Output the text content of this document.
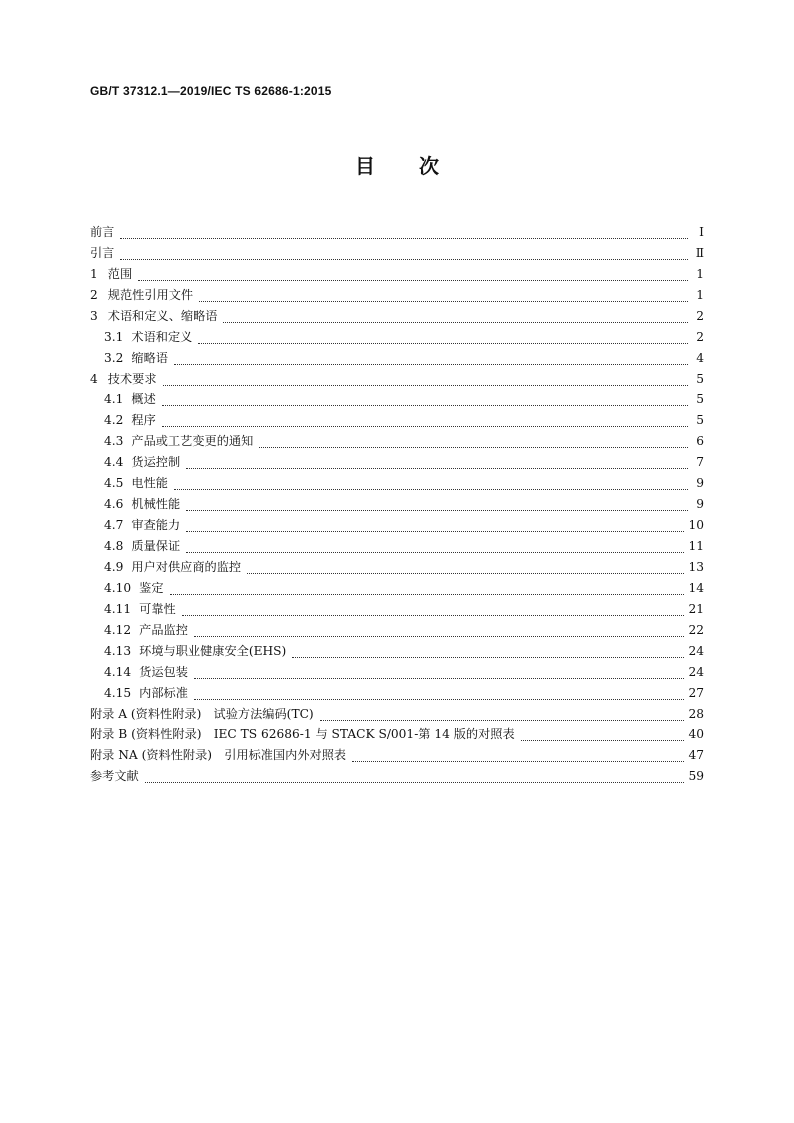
GB/T 37312.1—2019/IEC TS 62686-1:2015
目 次
前言	Ⅰ
引言	Ⅱ
1 范围	1
2 规范性引用文件	1
3 术语和定义、缩略语	2
3.1 术语和定义	2
3.2 缩略语	4
4 技术要求	5
4.1 概述	5
4.2 程序	5
4.3 产品或工艺变更的通知	6
4.4 货运控制	7
4.5 电性能	9
4.6 机械性能	9
4.7 审查能力	10
4.8 质量保证	11
4.9 用户对供应商的监控	13
4.10 鉴定	14
4.11 可靠性	21
4.12 产品监控	22
4.13 环境与职业健康安全(EHS)	24
4.14 货运包装	24
4.15 内部标准	27
附录 A (资料性附录)　试验方法编码(TC)	28
附录 B (资料性附录)　IEC TS 62686-1 与 STACK S/001-第 14 版的对照表	40
附录 NA (资料性附录)　引用标准国内外对照表	47
参考文献	59
